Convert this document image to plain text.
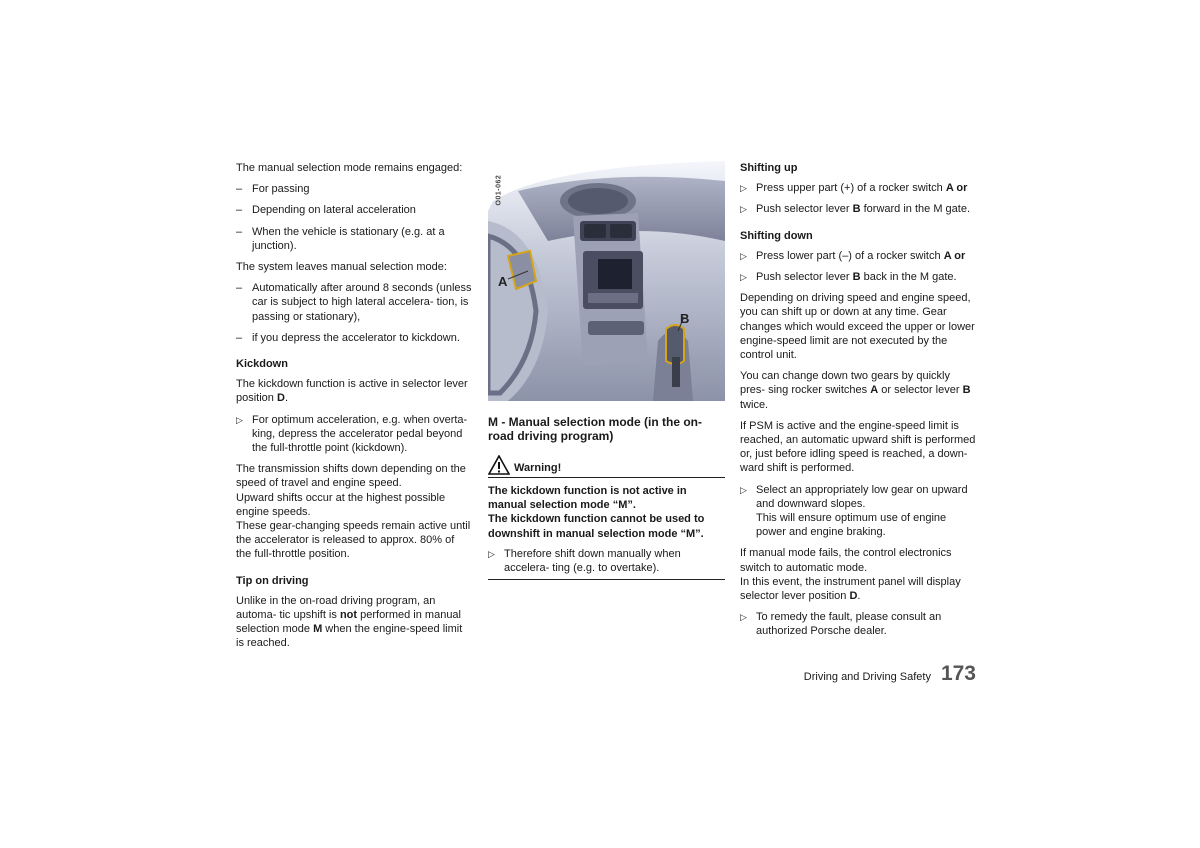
The manual selection mode remains engaged:

– For passing
– Depending on lateral acceleration
– When the vehicle is stationary (e.g. at a junction).

The system leaves manual selection mode:

– Automatically after around 8 seconds (unless car is subject to high lateral accelera- tion, is passing or stationary),
– if you depress the accelerator to kickdown.
Kickdown

The kickdown function is active in selector lever position D.

▷ For optimum acceleration, e.g. when overta- king, depress the accelerator pedal beyond the full-throttle point (kickdown).

The transmission shifts down depending on the speed of travel and engine speed.
Upward shifts occur at the highest possible engine speeds.
These gear-changing speeds remain active until the accelerator is released to approx. 80% of the full-throttle position.

Tip on driving

Unlike in the on-road driving program, an automa- tic upshift is not performed in manual selection mode M when the engine-speed limit is reached.

A
B
O01-062
M - Manual selection mode (in the on- road driving program)
Warning!

The kickdown function is not active in manual selection mode “M”.
The kickdown function cannot be used to downshift in manual selection mode “M”.

▷ Therefore shift down manually when accelera- ting (e.g. to overtake).
Shifting up
▷ Press upper part (+) of a rocker switch A or
▷ Push selector lever B forward in the M gate.
Shifting down
▷ Press lower part (–) of a rocker switch A or
▷ Push selector lever B back in the M gate.

Depending on driving speed and engine speed, you can shift up or down at any time. Gear changes which would exceed the upper or lower engine-speed limit are not executed by the control unit.

You can change down two gears by quickly pres- sing rocker switches A or selector lever B twice.

If PSM is active and the engine-speed limit is reached, an automatic upward shift is performed or, just before idling speed is reached, a down- ward shift is performed.

▷ Select an appropriately low gear on upward and downward slopes.
This will ensure optimum use of engine power and engine braking.

If manual mode fails, the control electronics switch to automatic mode.
In this event, the instrument panel will display selector lever position D.

▷ To remedy the fault, please consult an authorized Porsche dealer.
Driving and Driving Safety 173
